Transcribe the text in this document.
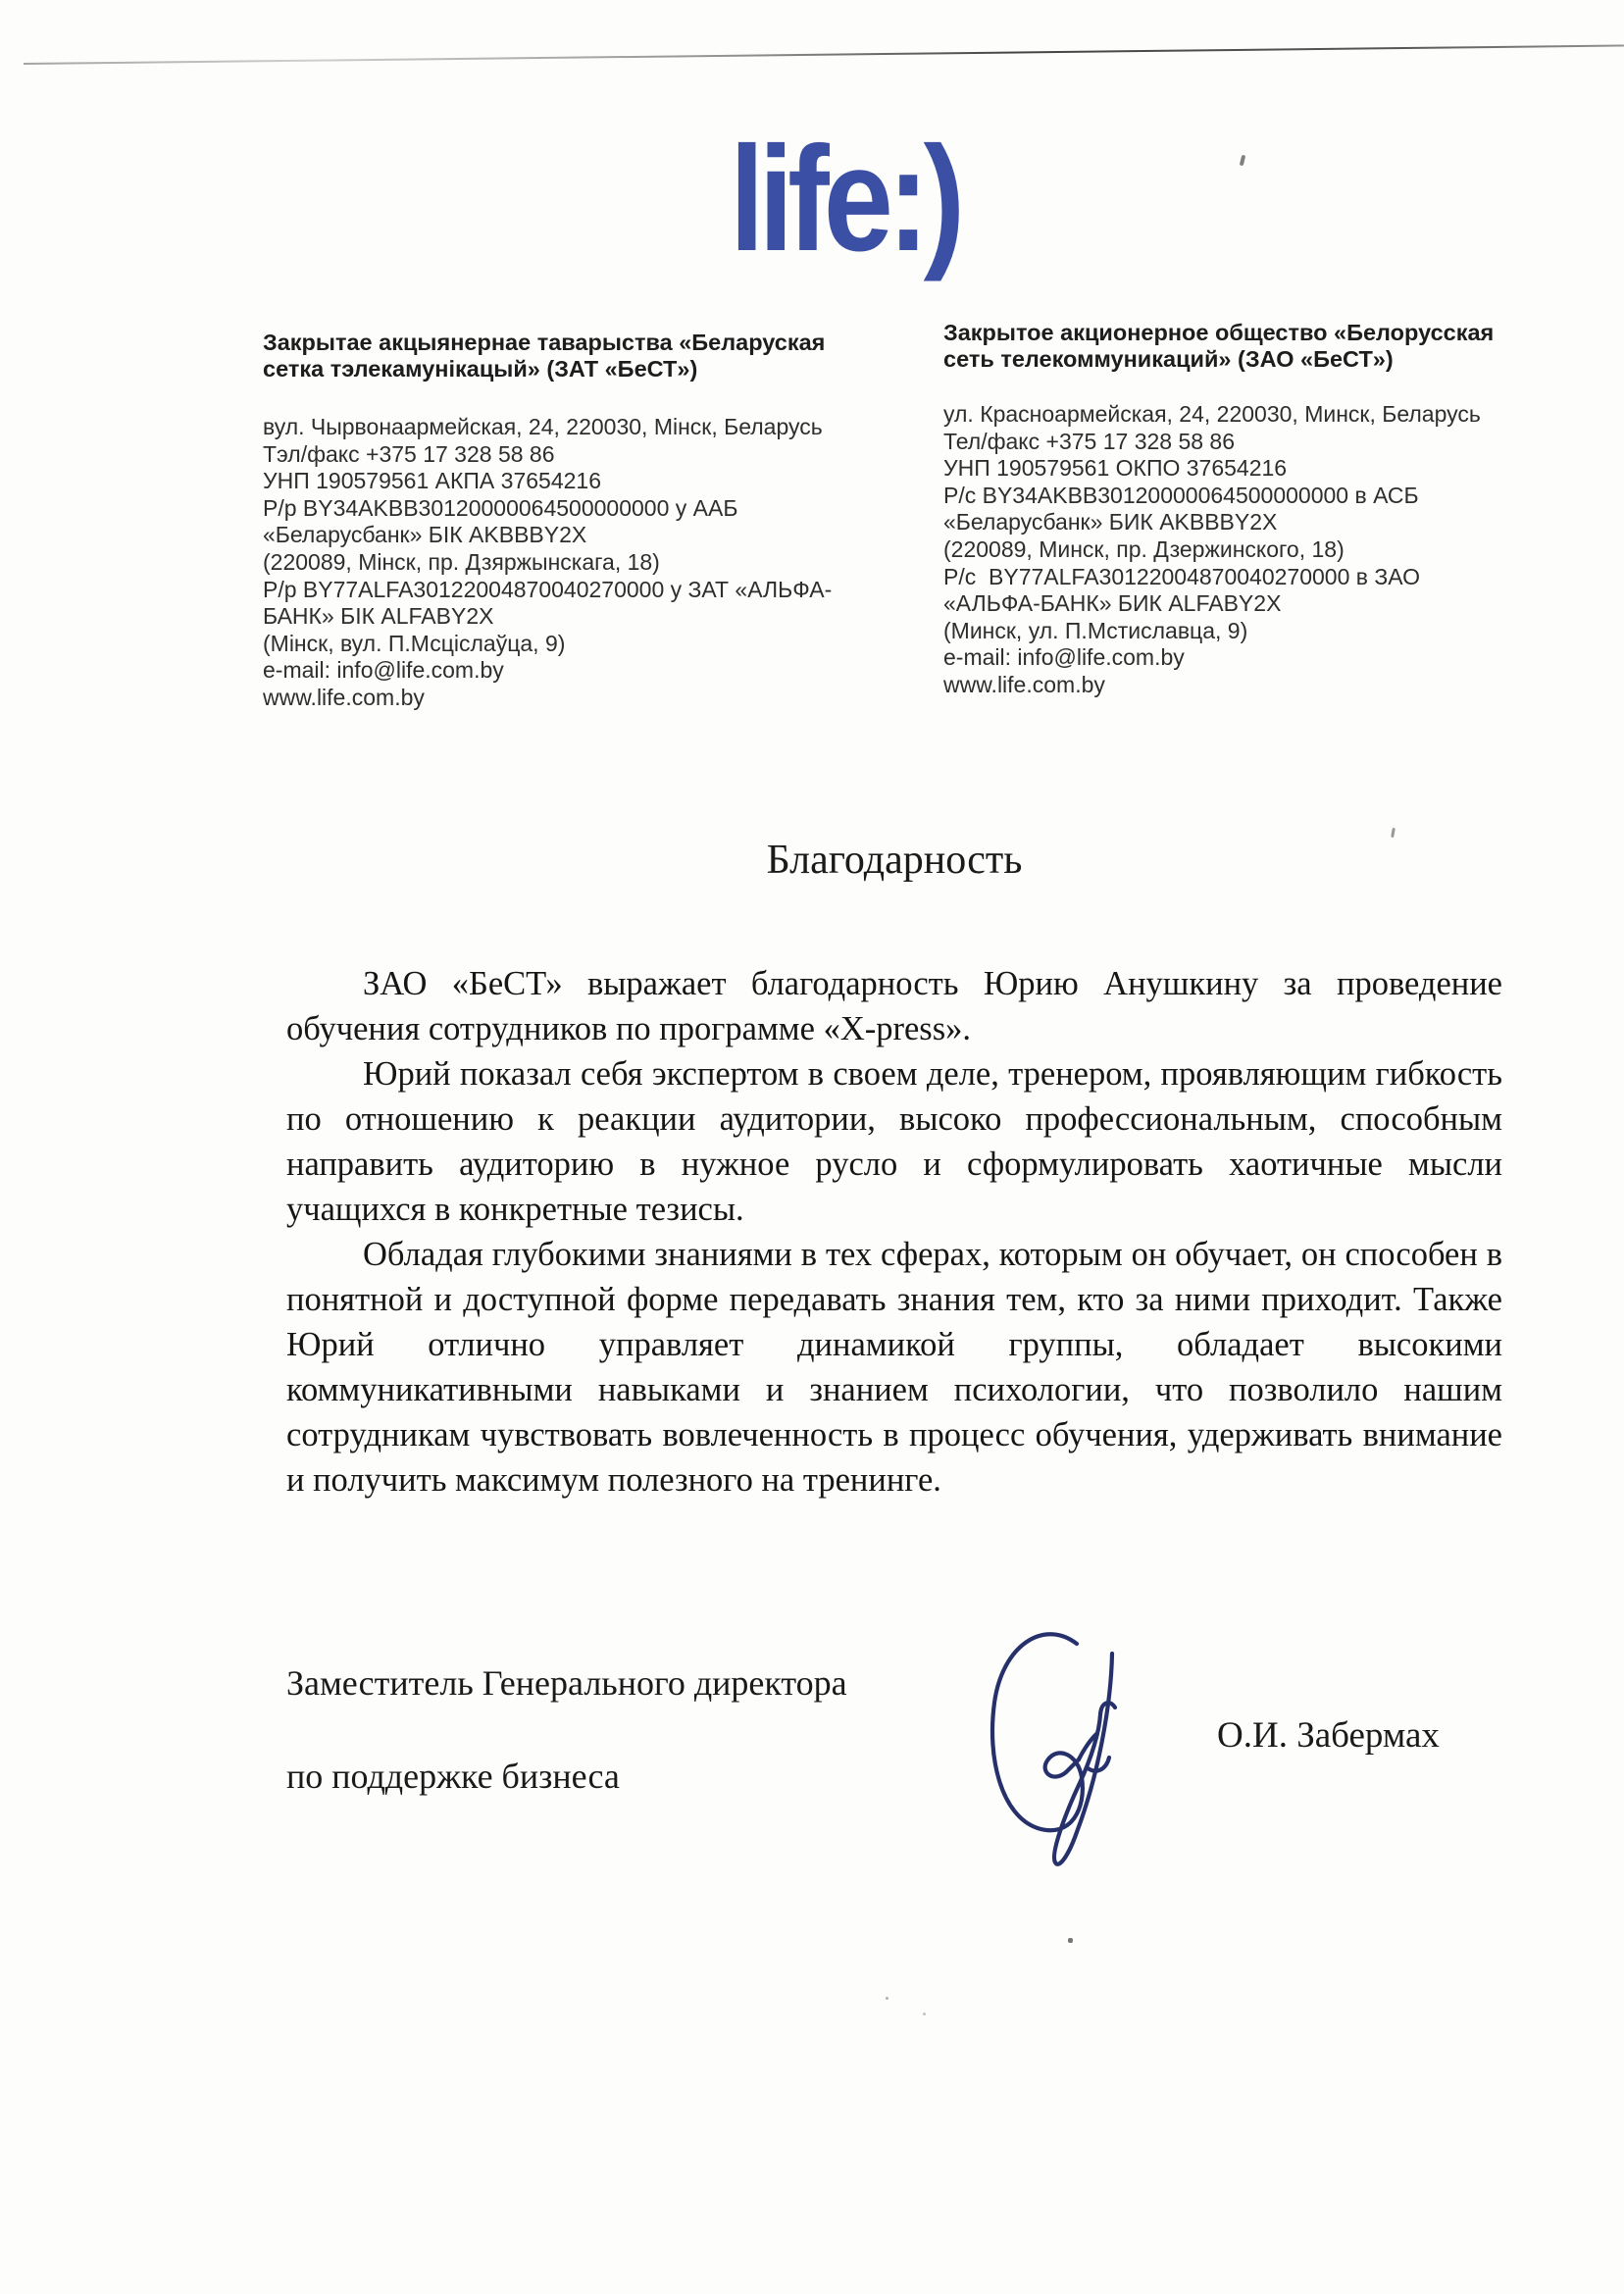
life:)
Закрытае акцыянернае таварыства «Беларуская
сетка тэлекамунікацый» (ЗАТ «БеСТ»)
вул. Чырвонаармейская, 24, 220030, Мінск, Беларусь
Тэл/факс +375 17 328 58 86
УНП 190579561 АКПА 37654216
Р/р BY34AKBB30120000064500000000 у ААБ
«Беларусбанк» БІК AKBBBY2X
(220089, Мінск, пр. Дзяржынскага, 18)
Р/р BY77ALFA30122004870040270000 у ЗАТ «АЛЬФА-
БАНК» БІК ALFABY2X
(Мінск, вул. П.Мсціслаўца, 9)
e-mail: info@life.com.by
www.life.com.by
Закрытое акционерное общество «Белорусская
сеть телекоммуникаций» (ЗАО «БеСТ»)
ул. Красноармейская, 24, 220030, Минск, Беларусь
Тел/факс +375 17 328 58 86
УНП 190579561 ОКПО 37654216
Р/с BY34AKBB30120000064500000000 в АСБ
«Беларусбанк» БИК AKBBBY2X
(220089, Минск, пр. Дзержинского, 18)
Р/с  BY77ALFA30122004870040270000 в ЗАО
«АЛЬФА-БАНК» БИК ALFABY2X
(Минск, ул. П.Мстиславца, 9)
e-mail: info@life.com.by
www.life.com.by
Благодарность

ЗАО «БеСТ» выражает благодарность Юрию Анушкину за проведение обучения сотрудников по программе «X-press».

Юрий показал себя экспертом в своем деле, тренером, проявляющим гибкость по отношению к реакции аудитории, высоко профессиональным, способным направить аудиторию в нужное русло и сформулировать хаотичные мысли учащихся в конкретные тезисы.

Обладая глубокими знаниями в тех сферах, которым он обучает, он способен в понятной и доступной форме передавать знания тем, кто за ними приходит. Также Юрий отлично управляет динамикой группы, обладает высокими коммуникативными навыками и знанием психологии, что позволило нашим сотрудникам чувствовать вовлеченность в процесс обучения, удерживать внимание и получить максимум полезного на тренинге.

Заместитель Генерального директора
по поддержке бизнеса
О.И. Забермах
